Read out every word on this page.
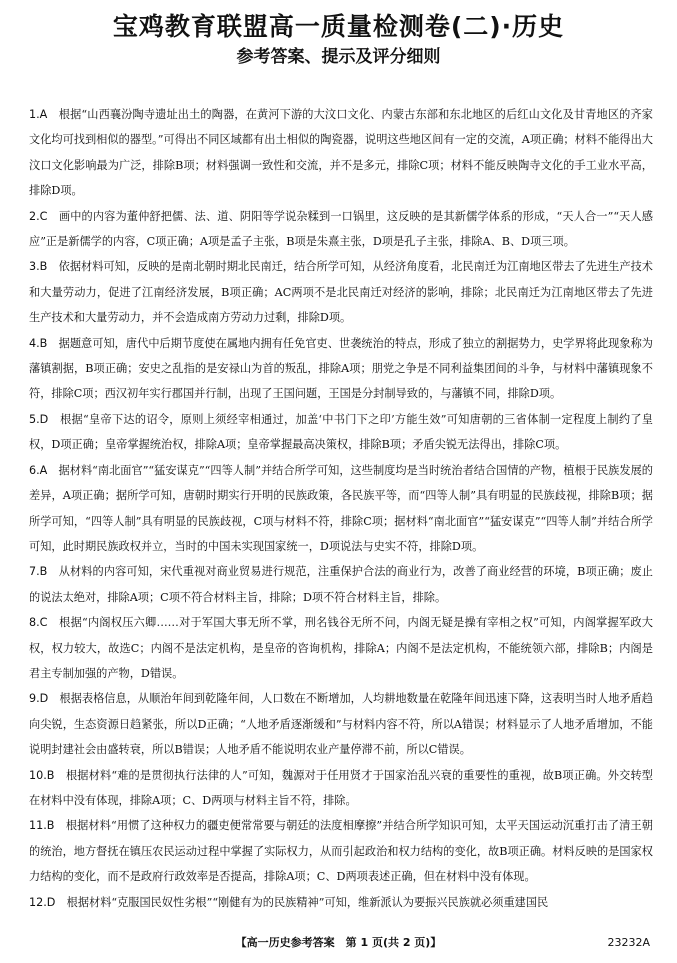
宝鸡教育联盟高一质量检测卷(二)·历史
参考答案、提示及评分细则

1.A　 根据“山西襄汾陶寺遗址出土的陶器，在黄河下游的大汶口文化、内蒙古东部和东北地区的后红山文化及甘青地区的齐家文化均可找到相似的器型。”可得出不同区域都有出土相似的陶瓷器，说明这些地区间有一定的交流，A项正确；材料不能得出大汶口文化影响最为广泛，排除B项；材料强调一致性和交流，并不是多元，排除C项；材料不能反映陶寺文化的手工业水平高，排除D项。

2.C　 画中的内容为董仲舒把儒、法、道、阴阳等学说杂糅到一口锅里，这反映的是其新儒学体系的形成，“天人合一”“天人感应”正是新儒学的内容，C项正确；A项是孟子主张，B项是朱熹主张，D项是孔子主张，排除A、B、D项三项。

3.B　 依据材料可知，反映的是南北朝时期北民南迁，结合所学可知，从经济角度看，北民南迁为江南地区带去了先进生产技术和大量劳动力，促进了江南经济发展，B项正确；AC两项不是北民南迁对经济的影响，排除；北民南迁为江南地区带去了先进生产技术和大量劳动力，并不会造成南方劳动力过剩，排除D项。

4.B　 据题意可知，唐代中后期节度使在属地内拥有任免官吏、世袭统治的特点，形成了独立的割据势力，史学界将此现象称为藩镇割据，B项正确；安史之乱指的是安禄山为首的叛乱，排除A项；朋党之争是不同利益集团间的斗争，与材料中藩镇现象不符，排除C项；西汉初年实行郡国并行制，出现了王国问题，王国是分封制导致的，与藩镇不同，排除D项。

5.D　 根据“皇帝下达的诏令，原则上须经宰相通过，加盖‘中书门下之印’方能生效”可知唐朝的三省体制一定程度上制约了皇权，D项正确；皇帝掌握统治权，排除A项；皇帝掌握最高决策权，排除B项；矛盾尖锐无法得出，排除C项。

6.A　 据材料“南北面官”“猛安谋克”“四等人制”并结合所学可知，这些制度均是当时统治者结合国情的产物，植根于民族发展的差异，A项正确；据所学可知，唐朝时期实行开明的民族政策，各民族平等，而“四等人制”具有明显的民族歧视，排除B项；据所学可知，“四等人制”具有明显的民族歧视，C项与材料不符，排除C项；据材料“南北面官”“猛安谋克”“四等人制”并结合所学可知，此时期民族政权并立，当时的中国未实现国家统一，D项说法与史实不符，排除D项。

7.B　 从材料的内容可知，宋代重视对商业贸易进行规范，注重保护合法的商业行为，改善了商业经营的环境，B项正确；废止的说法太绝对，排除A项；C项不符合材料主旨，排除；D项不符合材料主旨，排除。

8.C　 根据“内阁权压六卿……对于军国大事无所不掌，刑名钱谷无所不问，内阁无疑是操有宰相之权”可知，内阁掌握军政大权，权力较大，故选C；内阁不是法定机构，是皇帝的咨询机构，排除A；内阁不是法定机构，不能统领六部，排除B；内阁是君主专制加强的产物，D错误。

9.D　 根据表格信息，从顺治年间到乾隆年间，人口数在不断增加，人均耕地数量在乾隆年间迅速下降，这表明当时人地矛盾趋向尖锐，生态资源日趋紧张，所以D正确；“人地矛盾逐渐缓和”与材料内容不符，所以A错误；材料显示了人地矛盾增加，不能说明封建社会由盛转衰，所以B错误；人地矛盾不能说明农业产量停滞不前，所以C错误。

10.B　 根据材料“难的是贯彻执行法律的人”可知，魏源对于任用贤才于国家治乱兴衰的重要性的重视，故B项正确。外交转型在材料中没有体现，排除A项；C、D两项与材料主旨不符，排除。

11.B　 根据材料“用惯了这种权力的疆吏便常常要与朝廷的法度相摩擦”并结合所学知识可知，太平天国运动沉重打击了清王朝的统治，地方督抚在镇压农民运动过程中掌握了实际权力，从而引起政治和权力结构的变化，故B项正确。材料反映的是国家权力结构的变化，而不是政府行政效率是否提高，排除A项；C、D两项表述正确，但在材料中没有体现。

12.D　 根据材料“克服国民奴性劣根”“刚健有为的民族精神”可知，维新派认为要振兴民族就必须重建国民

【高一历史参考答案　第 1 页(共 2 页)】	23232A
